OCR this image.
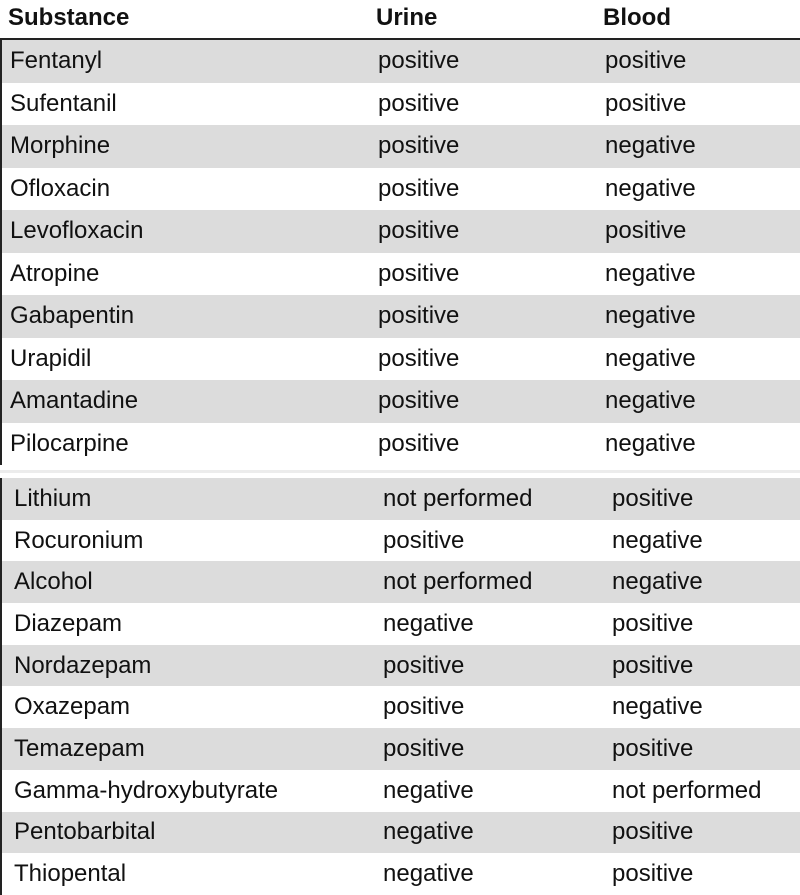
Substance	Urine	Blood
Fentanyl	positive	positive
Sufentanil	positive	positive
Morphine	positive	negative
Ofloxacin	positive	negative
Levofloxacin	positive	positive
Atropine	positive	negative
Gabapentin	positive	negative
Urapidil	positive	negative
Amantadine	positive	negative
Pilocarpine	positive	negative
Lithium	not performed	positive
Rocuronium	positive	negative
Alcohol	not performed	negative
Diazepam	negative	positive
Nordazepam	positive	positive
Oxazepam	positive	negative
Temazepam	positive	positive
Gamma-hydroxybutyrate	negative	not performed
Pentobarbital	negative	positive
Thiopental	negative	positive
